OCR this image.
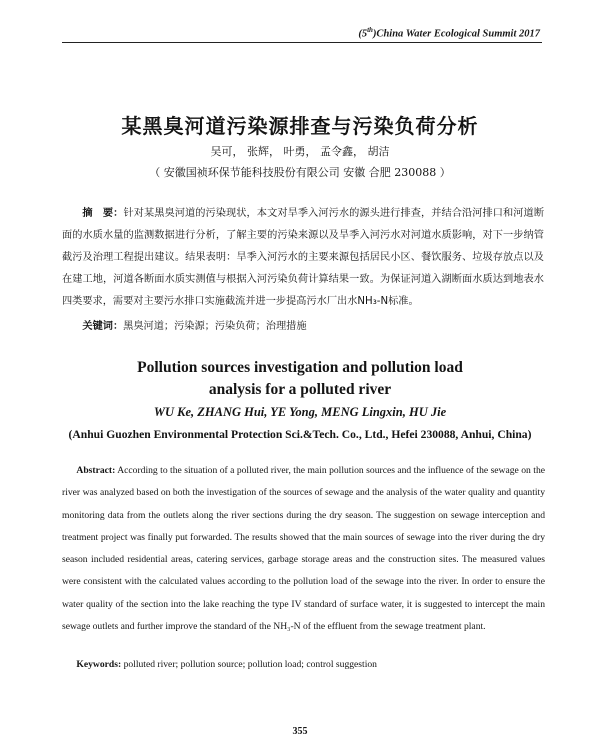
(5th)China Water Ecological Summit 2017
某黑臭河道污染源排查与污染负荷分析
吴可， 张辉， 叶勇， 孟令鑫， 胡洁
（ 安徽国祯环保节能科技股份有限公司 安徽 合肥 230088 ）
摘　要：针对某黑臭河道的污染现状，本文对旱季入河污水的源头进行排查，并结合沿河排口和河道断面的水质水量的监测数据进行分析，了解主要的污染来源以及旱季入河污水对河道水质影响，对下一步纳管截污及治理工程提出建议。结果表明：旱季入河污水的主要来源包括居民小区、餐饮服务、垃圾存放点以及在建工地，河道各断面水质实测值与根据入河污染负荷计算结果一致。为保证河道入湖断面水质达到地表水四类要求，需要对主要污水排口实施截流并进一步提高污水厂出水NH₃-N标准。
关键词：黑臭河道；污染源；污染负荷；治理措施
Pollution sources investigation and pollution load
analysis for a polluted river
WU Ke, ZHANG Hui, YE Yong, MENG Lingxin, HU Jie
(Anhui Guozhen Environmental Protection Sci.&Tech. Co., Ltd., Hefei 230088, Anhui, China)
Abstract: According to the situation of a polluted river, the main pollution sources and the influence of the sewage on the river was analyzed based on both the investigation of the sources of sewage and the analysis of the water quality and quantity monitoring data from the outlets along the river sections during the dry season. The suggestion on sewage interception and treatment project was finally put forwarded. The results showed that the main sources of sewage into the river during the dry season included residential areas, catering services, garbage storage areas and the construction sites. The measured values were consistent with the calculated values according to the pollution load of the sewage into the river. In order to ensure the water quality of the section into the lake reaching the type IV standard of surface water, it is suggested to intercept the main sewage outlets and further improve the standard of the NH₃-N of the effluent from the sewage treatment plant.
Keywords: polluted river; pollution source; pollution load; control suggestion
355
